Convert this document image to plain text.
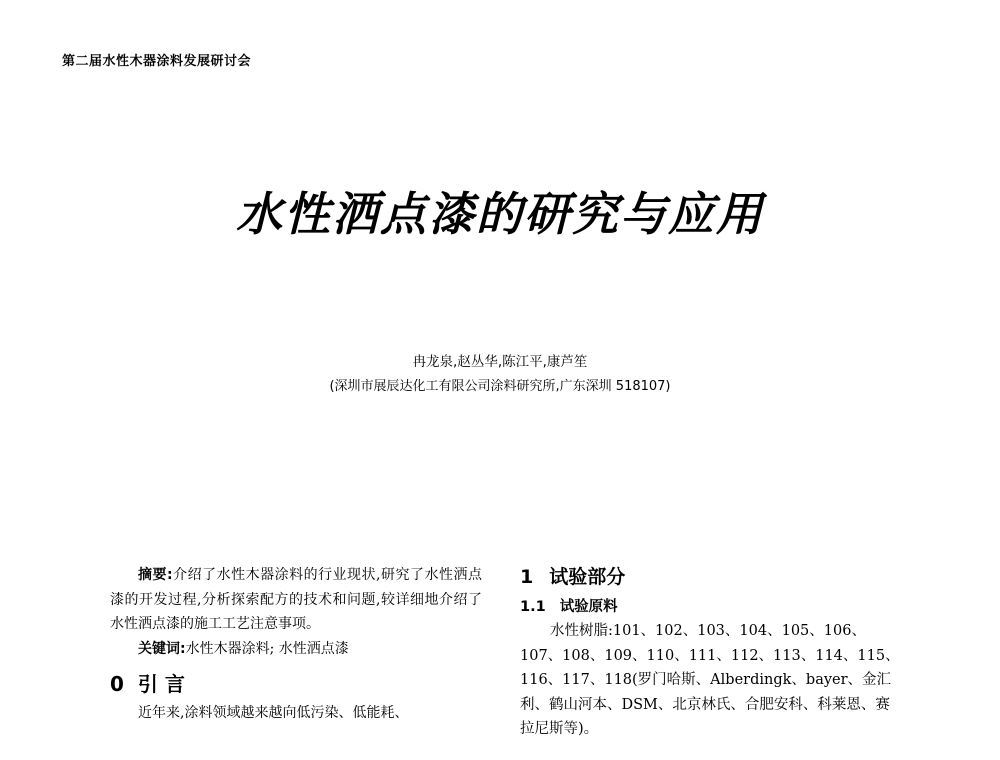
第二届水性木器涂料发展研讨会
水性洒点漆的研究与应用
冉龙泉,赵丛华,陈江平,康芦笙
(深圳市展辰达化工有限公司涂料研究所,广东深圳 518107)

摘要:介绍了水性木器涂料的行业现状,研究了水性洒点漆的开发过程,分析探索配方的技术和问题,较详细地介绍了水性洒点漆的施工工艺注意事项。

关键词:水性木器涂料; 水性洒点漆

0 引 言

近年来,涂料领域越来越向低污染、低能耗、

1 试验部分
1.1 试验原料

水性树脂:101、102、103、104、105、106、107、108、109、110、111、112、113、114、115、116、117、118(罗门哈斯、Alberdingk、bayer、金汇利、鹤山河本、DSM、北京林氏、合肥安科、科莱恩、赛拉尼斯等)。
